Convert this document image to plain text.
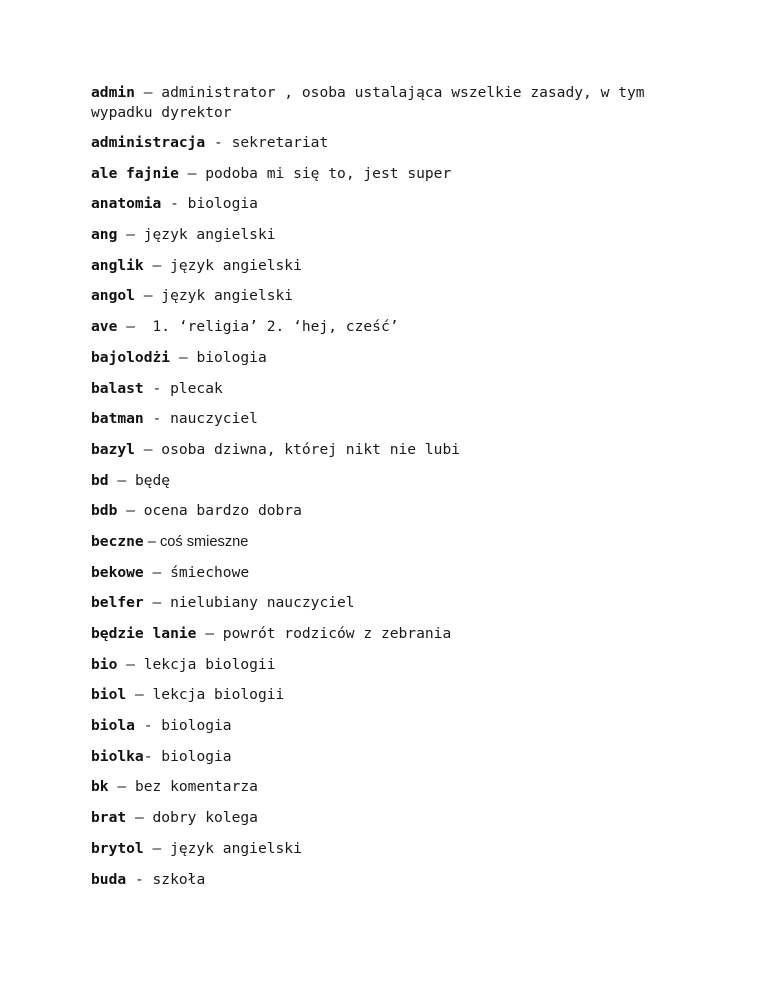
admin – administrator , osoba ustalająca wszelkie zasady, w tym wypadku dyrektor
administracja - sekretariat
ale fajnie – podoba mi się to, jest super
anatomia - biologia
ang – język angielski
anglik – język angielski
angol – język angielski
ave –  1. ‘religia’ 2. ‘hej, cześć’
bajolodżi – biologia
balast - plecak
batman - nauczyciel
bazyl – osoba dziwna, której nikt nie lubi
bd – będę
bdb – ocena bardzo dobra
beczne – coś smieszne
bekowe – śmiechowe
belfer – nielubiany nauczyciel
będzie lanie – powrót rodziców z zebrania
bio – lekcja biologii
biol – lekcja biologii
biola - biologia
biolka- biologia
bk – bez komentarza
brat – dobry kolega
brytol – język angielski
buda - szkoła
